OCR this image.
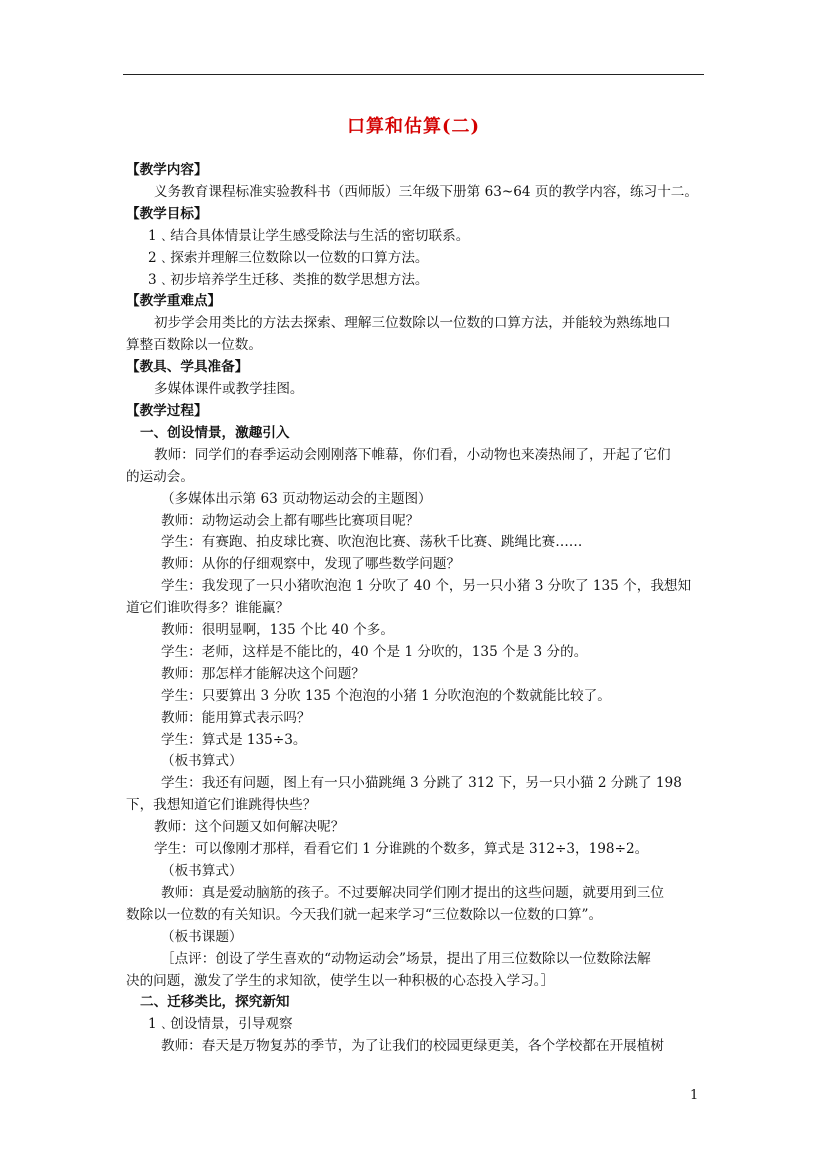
口算和估算(二)

【教学内容】

义务教育课程标准实验教科书（西师版）三年级下册第 63~64 页的教学内容，练习十二。

【教学目标】

1﹑结合具体情景让学生感受除法与生活的密切联系。

2﹑探索并理解三位数除以一位数的口算方法。

3﹑初步培养学生迁移、类推的数学思想方法。

【教学重难点】

初步学会用类比的方法去探索、理解三位数除以一位数的口算方法，并能较为熟练地口

算整百数除以一位数。

【教具、学具准备】

多媒体课件或教学挂图。

【教学过程】

一、创设情景，激趣引入

教师：同学们的春季运动会刚刚落下帷幕，你们看，小动物也来凑热闹了，开起了它们

的运动会。

（多媒体出示第 63 页动物运动会的主题图）

教师：动物运动会上都有哪些比赛项目呢？

学生：有赛跑、拍皮球比赛、吹泡泡比赛、荡秋千比赛、跳绳比赛……

教师：从你的仔细观察中，发现了哪些数学问题？

学生：我发现了一只小猪吹泡泡 1 分吹了 40 个，另一只小猪 3 分吹了 135 个，我想知

道它们谁吹得多？谁能赢？

教师：很明显啊，135 个比 40 个多。

学生：老师，这样是不能比的，40 个是 1 分吹的，135 个是 3 分的。

教师：那怎样才能解决这个问题？

学生：只要算出 3 分吹 135 个泡泡的小猪 1 分吹泡泡的个数就能比较了。

教师：能用算式表示吗？

学生：算式是 135÷3。

（板书算式）

学生：我还有问题，图上有一只小猫跳绳 3 分跳了 312 下，另一只小猫 2 分跳了 198

下，我想知道它们谁跳得快些？

教师：这个问题又如何解决呢？

学生：可以像刚才那样，看看它们 1 分谁跳的个数多，算式是 312÷3，198÷2。

（板书算式）

教师：真是爱动脑筋的孩子。不过要解决同学们刚才提出的这些问题，就要用到三位

数除以一位数的有关知识。今天我们就一起来学习“三位数除以一位数的口算”。

（板书课题）

［点评：创设了学生喜欢的“动物运动会”场景，提出了用三位数除以一位数除法解

决的问题，激发了学生的求知欲，使学生以一种积极的心态投入学习。］

二、迁移类比，探究新知

1﹑创设情景，引导观察

教师：春天是万物复苏的季节，为了让我们的校园更绿更美，各个学校都在开展植树

1
